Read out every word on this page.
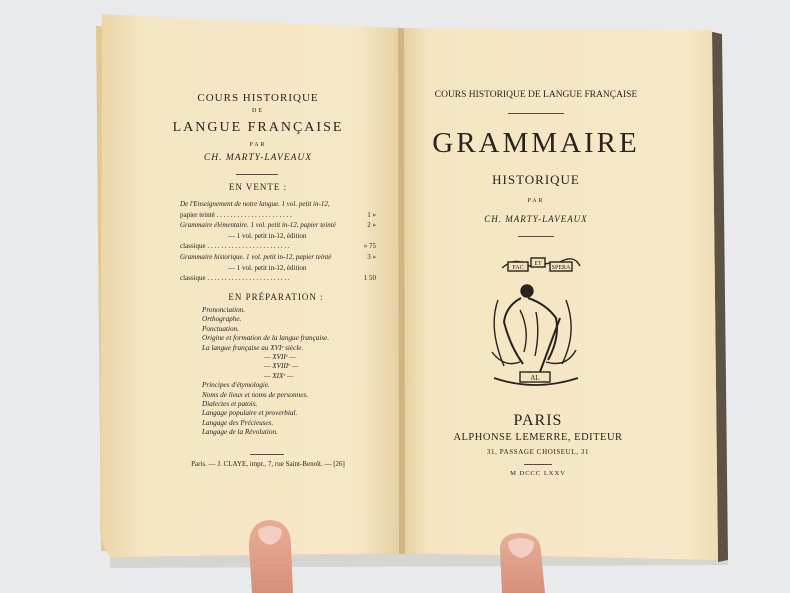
FAC
ET
SPERA
AL
COURS HISTORIQUE
DE
LANGUE FRANÇAISE
PAR
CH. MARTY-LAVEAUX
EN VENTE :
De l'Enseignement de notre langue. 1 vol. petit in-12,
papier teinté . . . . . . . . . . . . . . . . . . . . . .	1 »
Grammaire élémentaire. 1 vol. petit in-12, papier teinté	2 »
— 1 vol. petit in-12, édition
classique . . . . . . . . . . . . . . . . . . . . . . . .	» 75
Grammaire historique. 1 vol. petit in-12, papier teinté	3 »
— 1 vol. petit in-12, édition
classique . . . . . . . . . . . . . . . . . . . . . . . .	1 50
EN PRÉPARATION :
Prononciation.
Orthographe.
Ponctuation.
Origine et formation de la langue française.
La langue française au XVIᵉ siècle.
— XVIIᵉ —
— XVIIIᵉ —
— XIXᵉ —
Principes d'étymologie.
Noms de lieux et noms de personnes.
Dialectes et patois.
Langage populaire et proverbial.
Langage des Précieuses.
Langage de la Révolution.
Paris. — J. CLAYE, impr., 7, rue Saint-Benoît. — [26]
COURS HISTORIQUE DE LANGUE FRANÇAISE
GRAMMAIRE
HISTORIQUE
PAR
CH. MARTY-LAVEAUX
PARIS
ALPHONSE LEMERRE, EDITEUR
31, PASSAGE CHOISEUL, 31
M DCCC LXXV
